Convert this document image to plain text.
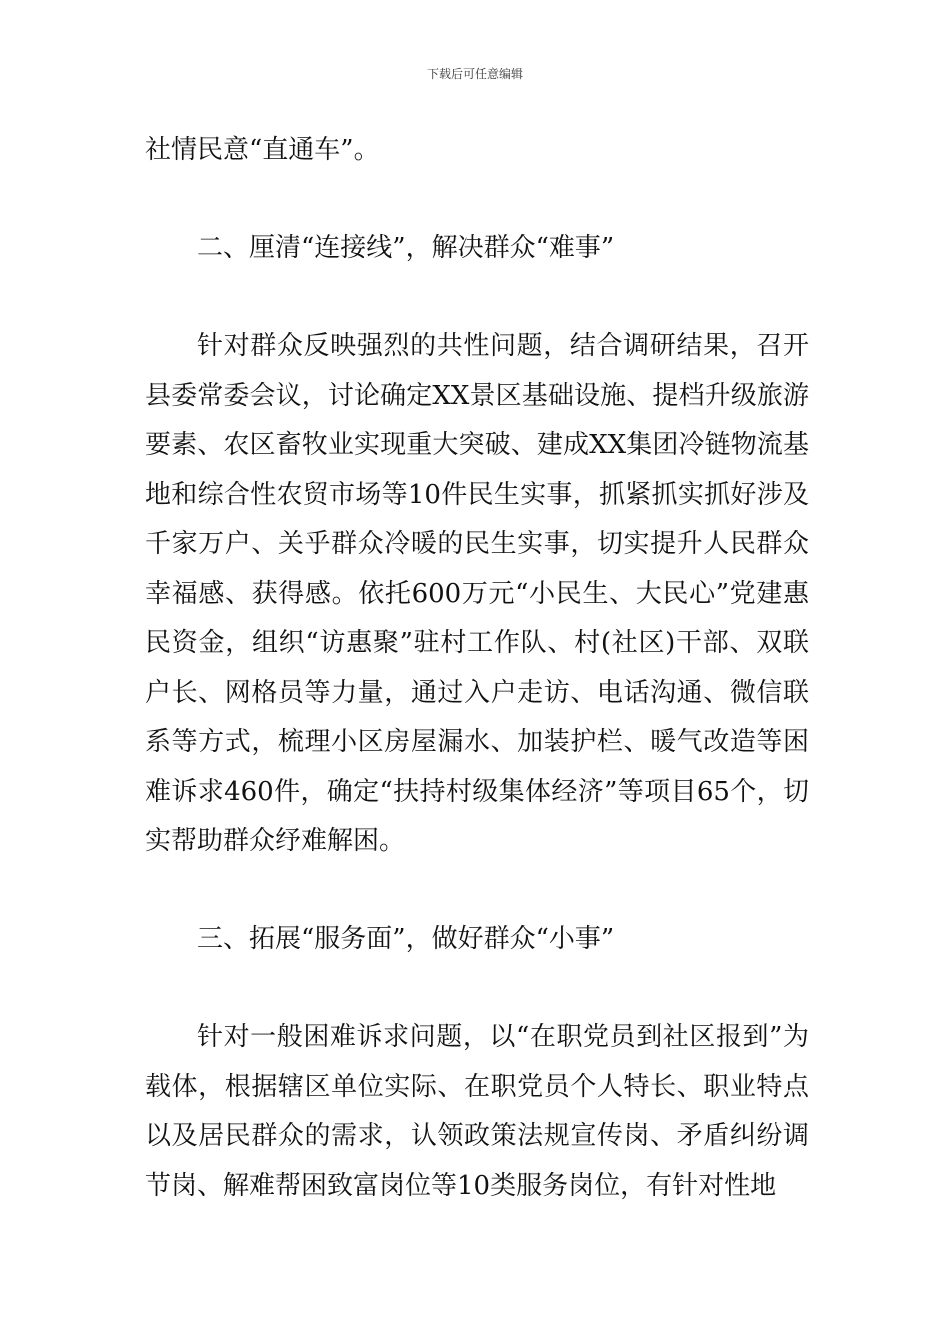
下载后可任意编辑

社情民意“直通车”。

二、厘清“连接线”，解决群众“难事”

针对群众反映强烈的共性问题，结合调研结果，召开县委常委会议，讨论确定XX景区基础设施、提档升级旅游要素、农区畜牧业实现重大突破、建成XX集团冷链物流基地和综合性农贸市场等10件民生实事，抓紧抓实抓好涉及千家万户、关乎群众冷暖的民生实事，切实提升人民群众幸福感、获得感。依托600万元“小民生、大民心”党建惠民资金，组织“访惠聚”驻村工作队、村(社区)干部、双联户长、网格员等力量，通过入户走访、电话沟通、微信联系等方式，梳理小区房屋漏水、加装护栏、暖气改造等困难诉求460件，确定“扶持村级集体经济”等项目65个，切实帮助群众纾难解困。

三、拓展“服务面”，做好群众“小事”

针对一般困难诉求问题，以“在职党员到社区报到”为载体，根据辖区单位实际、在职党员个人特长、职业特点以及居民群众的需求，认领政策法规宣传岗、矛盾纠纷调节岗、解难帮困致富岗位等10类服务岗位，有针对性地
